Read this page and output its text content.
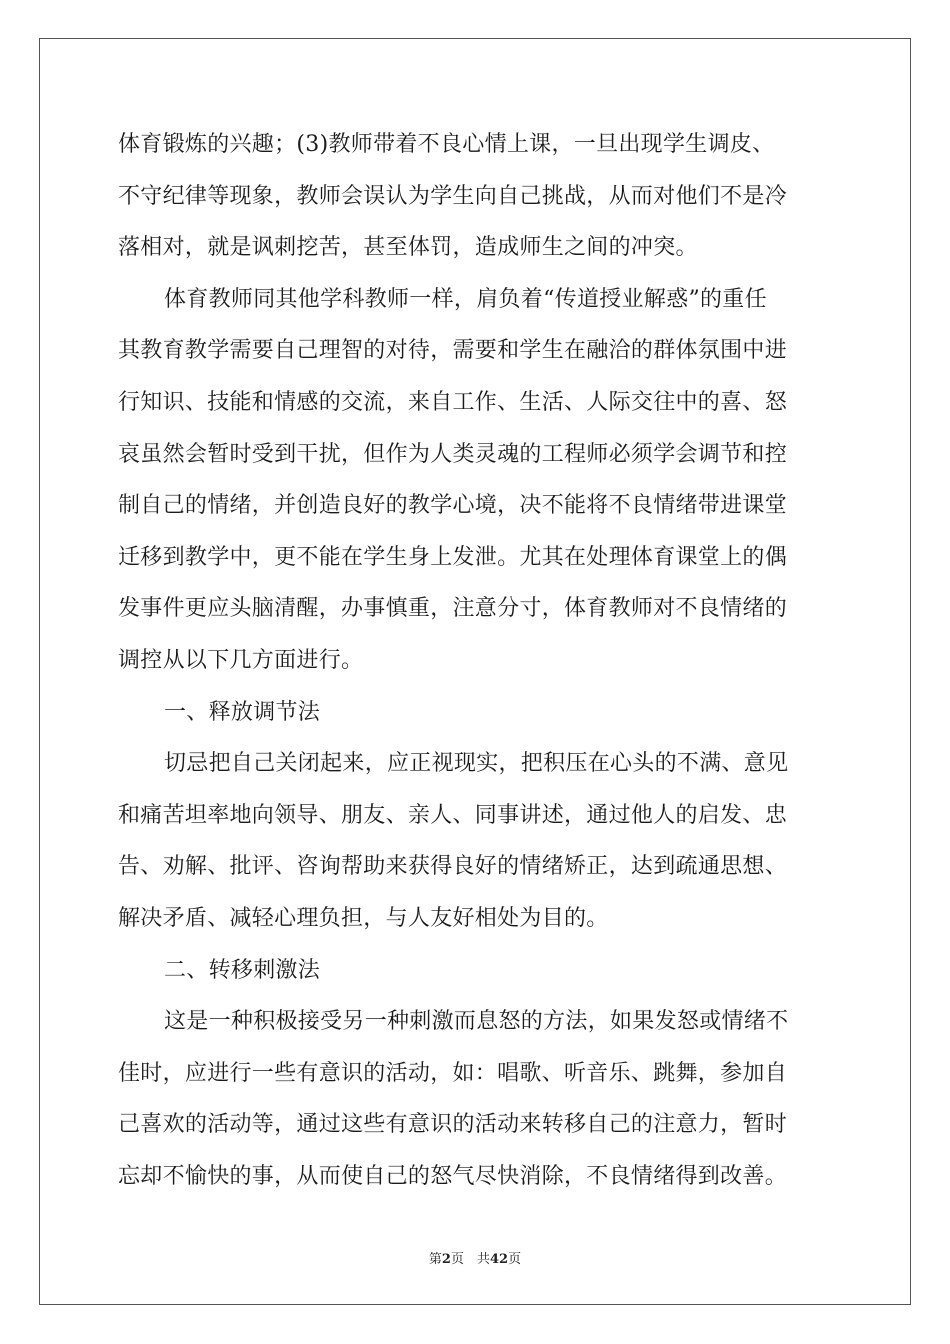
体育锻炼的兴趣；(3)教师带着不良心情上课，一旦出现学生调皮、
不守纪律等现象，教师会误认为学生向自己挑战，从而对他们不是冷
落相对，就是讽刺挖苦，甚至体罚，造成师生之间的冲突。
体育教师同其他学科教师一样，肩负着“传道授业解惑”的重任
其教育教学需要自己理智的对待，需要和学生在融洽的群体氛围中进
行知识、技能和情感的交流，来自工作、生活、人际交往中的喜、怒
哀虽然会暂时受到干扰，但作为人类灵魂的工程师必须学会调节和控
制自己的情绪，并创造良好的教学心境，决不能将不良情绪带进课堂
迁移到教学中，更不能在学生身上发泄。尤其在处理体育课堂上的偶
发事件更应头脑清醒，办事慎重，注意分寸，体育教师对不良情绪的
调控从以下几方面进行。
一、释放调节法
切忌把自己关闭起来，应正视现实，把积压在心头的不满、意见
和痛苦坦率地向领导、朋友、亲人、同事讲述，通过他人的启发、忠
告、劝解、批评、咨询帮助来获得良好的情绪矫正，达到疏通思想、
解决矛盾、减轻心理负担，与人友好相处为目的。
二、转移刺激法
这是一种积极接受另一种刺激而息怒的方法，如果发怒或情绪不
佳时，应进行一些有意识的活动，如：唱歌、听音乐、跳舞，参加自
己喜欢的活动等，通过这些有意识的活动来转移自己的注意力，暂时
忘却不愉快的事，从而使自己的怒气尽快消除，不良情绪得到改善。
第2页　共42页
